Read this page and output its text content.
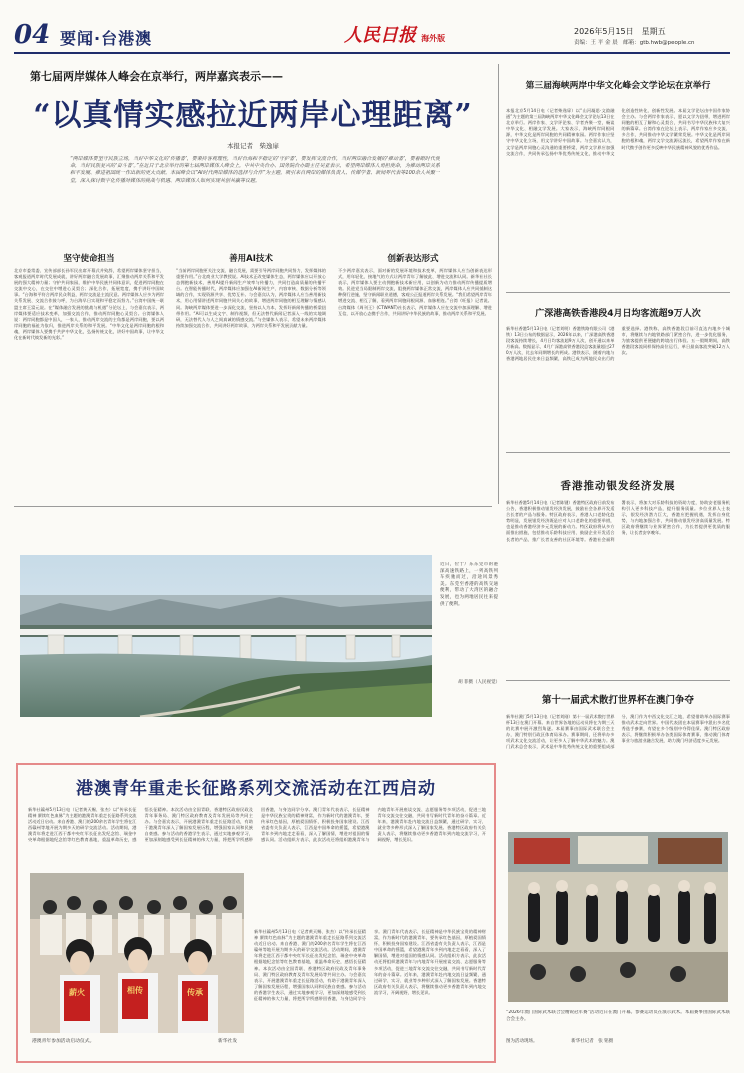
04 要闻·台港澳	人民日报 海外版
2026年5月15日　星期五
责编：王 平 金 晨　邮箱：gtb.hwb@people.cn
第七届两岸媒体人峰会在京举行，两岸嘉宾表示——
“以真情实感拉近两岸心理距离”
本报记者　柴逸扉
“两岸媒体要坚守民族立场，当好中华文化的‘传播者’，要秉持客观理性，当好台海和平稳定的‘守护者’，要发挥交流合作，当好两岸融合发展的‘推动者’，要着眼时代使命，当好民族复兴的‘奋斗者’。”在近日于北京举行的第七届两岸媒体人峰会上，中共中央台办、国务院台办副主任吴亚表示，希望两岸媒体人勇担使命，为推动两岸关系和平发展、推进祖国统一作出新的更大贡献。本届峰会以“AI时代两岸媒体的选择与合作”为主题，吸引来自两岸的媒体负责人、传媒学者、新闻界代表等100余人共聚一堂，深入探讨数字化传播对媒体的挑战与机遇、两岸媒体人如何实现共创共赢等议题。
坚守使命担当
北京市委常委、宣传部部长孙军民出席开幕式并致辞，希望两岸媒体坚守担当，客观报道两岸时代发展成就，讲好两岸融合发展故事，汇聚推动两岸关系和平发展的强大精神力量；守护共同家园，维护中华民族共同体意识，促进两岸同胞在交流中交心，在交往中增进心灵契合；深化合作，拓展宽度，携手讲好中国故事。“台海和平符合两岸民众利益，两岸交流是主流民意。两岸媒体人应多为两岸关系发展、交流合作鼓与呼，为台海早日实现和平稳定而努力。”台湾中国统一联盟主席王富元说。在“媒体融合发展的挑战与机遇”分论坛上，与会嘉宾表示，两岸媒体要适应技术变革，加强交流合作，推动两岸同胞心灵契合。台湾媒体人说：两岸同胞都是中国人，一家人，推动两岸交流的主角都是两岸同胞，要以两岸同胞的福祉为依归，推进两岸关系的和平发展。“中华文化是两岸同胞的根和魂，两岸媒体人要携手共护中华文化，弘扬传统文化，讲好中国故事，让中华文化在新时代焕发新的光彩。”
善用AI技术
“当前两岸同胞更关注交流、融合发展，需要引导两岸同胞共同努力，发挥媒体的重要作用。”台北商业大学教授说。AI技术正改变媒体生态，两岸媒体应以开放心态拥抱新技术，善用AI提升新闻生产效率与传播力，共同打造高质量的传播平台。在智能传播时代，两岸媒体应加强在AI新闻生产、内容审核、数据分析等领域的合作，实现资源共享、优势互补。与会嘉宾认为，两岸媒体人应当善用新技术，用心用情讲述两岸同胞共同关心的故事，增进两岸同胞的相互理解与情感认同。海峡两岸媒体要进一步深化交流，坚持以人为本，发挥好新闻传播的桥梁纽带作用。“AI可以生成文字、制作视频，但无法替代新闻记者深入一线的实地调研，无法替代人与人之间真诚的情感交流。”与会媒体人表示，希望未来两岸媒体持续加强交流合作，共同讲好两岸故事，为两岸关系和平发展贡献力量。
创新表达形式
不少两岸嘉宾表示，面对新的发展环境和技术变革，两岸媒体人应当创新表达形式，用年轻化、接地气的方式让两岸青年了解彼此、增进交流和认同。新华社社长表示，两岸媒体人要主动拥抱新技术新应用，以创新为动力推动两岸传播提质增效。民进党当局限制两岸交流，阻挠两岸媒体正常交流，两岸媒体人应共同抵制这种倒行逆施，坚守新闻职业道德，客观公正报道两岸关系发展。“我们希望两岸青年增进交流、相互了解，看到两岸同胞同根同源、血脉相连。”台湾《旺报》记者说。台湾媒体《周刊王》(CTWANT)社长表示，两岸媒体人应在交流中加深理解、增进互信，以开放心态携手合作，共同讲好中华民族的故事，推动两岸关系和平发展。
第三届海峡两岸中华文化峰会文学论坛在京举行
本报北京5月14日电（记者柴逸扉）以“山河凝思·文韵融通”为主题的第三届海峡两岸中华文化峰会文学论坛13日在北京举行。两岸作家、文学评论家、学者齐聚一堂，畅谈中华文化、相融文学发展。大家表示，海峡两岸同根同源，中华文化是两岸同胞的共同精神家园。两岸作家应坚守中华文化立场，用文学讲好中国故事。与会嘉宾认为，文学是两岸同胞心灵沟通的重要桥梁，两岸文学界应加强交流合作，共同传承弘扬中华优秀传统文化，推动中华文化创造性转化、创新性发展。本届文学论坛由中国作家协会主办。与会两岸作家表示，愿以文学为纽带，增进两岸同胞的相互了解和心灵契合，共同书写中华民族伟大复兴的新篇章。台湾作家在论坛上表示，两岸作家应多交流、多合作，共同推动中华文学繁荣发展。中华文化是两岸同胞的根和魂，两岸文学交流源远流长，希望两岸作家在新时代携手创作更多反映中华民族精神风貌的优秀作品。
广深港高铁香港段4月日均客流超9万人次
新华社香港5月13日电（记者刘明）香港铁路有限公司（港铁）13日公布的数据显示，2026年以来，广深港高铁香港段客流持续增长，4月日均客流超9万人次，创开通以来单月新高。数据显示，4月广深港高铁香港段总客流量超过270万人次，比去年同期增长约两成。港铁表示，随着内地与香港两地居民往来日益频繁，高铁已成为两地民众出行的重要选择。港铁称，高铁香港段目前可直达内地多个城市，将继续与内地铁路部门紧密合作，进一步优化服务，为旅客提供更便捷的跨境出行体验。五一假期期间，高铁香港段客流同样保持高位运行，单日最高客流突破12万人次。
香港推动银发经济发展
近日，位于广东东莞市的港深高速铁路上，一列高铁列车疾驰而过，沿途风景秀美。东莞至香港的高铁交通便利，带动了大湾区的融合发展，也为两地居民往来提供了便利。
胡 菲摄（人民视觉）
新华社香港5月14日电（记者陈键）香港特区政府日前发布公告，香港积极推动银发经济发展，鼓励社会各界开发适合长者的产品与服务。特区政府表示，香港人口老龄化趋势明显，发展银发经济既是应对人口老龄化的重要举措，也是推动香港经济多元发展的新动力。特区政府将从多方面推出措施，包括推动乐龄科技应用、鼓励企业开发适合长者的产品、推广长者友善的社区环境等。香港社会福利署表示，将加大对乐龄科技的资助力度，协助安老服务机构引入更多科技产品，提升服务质量。多位业界人士表示，银发经济潜力巨大，香港应把握机遇，发挥自身优势，与内地加强合作，共同推动银发经济高质量发展。特区政府将继续与业界紧密合作，为长者提供更优质的服务，让长者安享晚年。
第十一届武术散打世界杯在澳门争夺
新华社澳门5月13日电（记者刘刚）第十一届武术散打世界杯13日在澳门开幕。来自世界各地的运动员将在为期三天的比赛中展开激烈角逐。本届赛事由国际武术联合会主办，澳门特别行政区体育局承办。赛事期间，还将举办多项武术文化交流活动，让更多人了解中华武术的魅力。澳门武术总会表示，武术是中华优秀传统文化的重要组成部分，澳门作为中西文化交汇之地，希望借助举办国际赛事推动武术走向世界。中国代表团在本届赛事中派出多名优秀选手参赛，有望在多个级别中夺得佳绩。澳门特区政府表示，将继续积极举办各类国际体育赛事，推动澳门体育事业与旅游业融合发展，助力澳门经济适度多元发展。
“2026年澳门国际武术联合会精锐冠军赛”活动近日在澳门开幕。参赛运动员在演示武术。本届赛事由国际武术联合会主办。
图为活动现场。　　　　　　　　新华社记者　张 铭摄
港澳青年重走长征路系列交流活动在江西启动
新华社赣州5月13日电（记者黄天赐、张杰）以“传承长征精神 赓续红色血脉”为主题的港澳青年重走长征路系列交流活动近日启动。来自香港、澳门的200余名青年学生将在江西赣州等地开展为期多天的研学交流活动。活动期间，港澳青年将走进江西于都中央红军长征出发纪念馆、瑞金中央革命根据地纪念馆等红色教育基地，重温革命历史，感悟长征精神。本次活动由全国青联、香港特区政府民政及青年事务局、澳门特区政府教育及青年发展局等共同主办。与会嘉宾表示，开展港澳青年重走长征路活动，有助于港澳青年深入了解国家发展历程，增强国家认同和民族自豪感。参与活动的香港学生表示，通过实地参观学习，更加深刻地感受到长征精神的伟大力量，将把所学所感带回香港，与身边同学分享。澳门青年代表表示，长征精神是中华民族宝贵的精神财富，作为新时代的港澳青年，要传承红色基因，厚植爱国情怀，积极投身国家建设。江西省委有关负责人表示，江西是中国革命的摇篮，希望港澳青年多到内地走走看看，深入了解国情，增进对祖国的情感认同。活动组织方表示，此次活动还将组织港澳青年与内地青年开展座谈交流、志愿服务等多项活动，促进三地青年交流交往交融，共同书写新时代青年的奋斗篇章。近年来，港澳青年赴内地交流日益频繁，通过研学、实习、就业等多种形式深入了解国家发展。香港特区政府有关负责人表示，将继续推动更多香港青年到内地交流学习，开阔视野，增长见识。
薪火	相传	传承
港澳青年参加活动启动仪式。	新华社发
新华社赣州5月13日电（记者黄天赐、张杰）以“传承长征精神 赓续红色血脉”为主题的港澳青年重走长征路系列交流活动近日启动。来自香港、澳门的200余名青年学生将在江西赣州等地开展为期多天的研学交流活动。活动期间，港澳青年将走进江西于都中央红军长征出发纪念馆、瑞金中央革命根据地纪念馆等红色教育基地，重温革命历史，感悟长征精神。本次活动由全国青联、香港特区政府民政及青年事务局、澳门特区政府教育及青年发展局等共同主办。与会嘉宾表示，开展港澳青年重走长征路活动，有助于港澳青年深入了解国家发展历程，增强国家认同和民族自豪感。参与活动的香港学生表示，通过实地参观学习，更加深刻地感受到长征精神的伟大力量，将把所学所感带回香港，与身边同学分享。澳门青年代表表示，长征精神是中华民族宝贵的精神财富，作为新时代的港澳青年，要传承红色基因，厚植爱国情怀，积极投身国家建设。江西省委有关负责人表示，江西是中国革命的摇篮，希望港澳青年多到内地走走看看，深入了解国情，增进对祖国的情感认同。活动组织方表示，此次活动还将组织港澳青年与内地青年开展座谈交流、志愿服务等多项活动，促进三地青年交流交往交融，共同书写新时代青年的奋斗篇章。近年来，港澳青年赴内地交流日益频繁，通过研学、实习、就业等多种形式深入了解国家发展。香港特区政府有关负责人表示，将继续推动更多香港青年到内地交流学习，开阔视野，增长见识。
